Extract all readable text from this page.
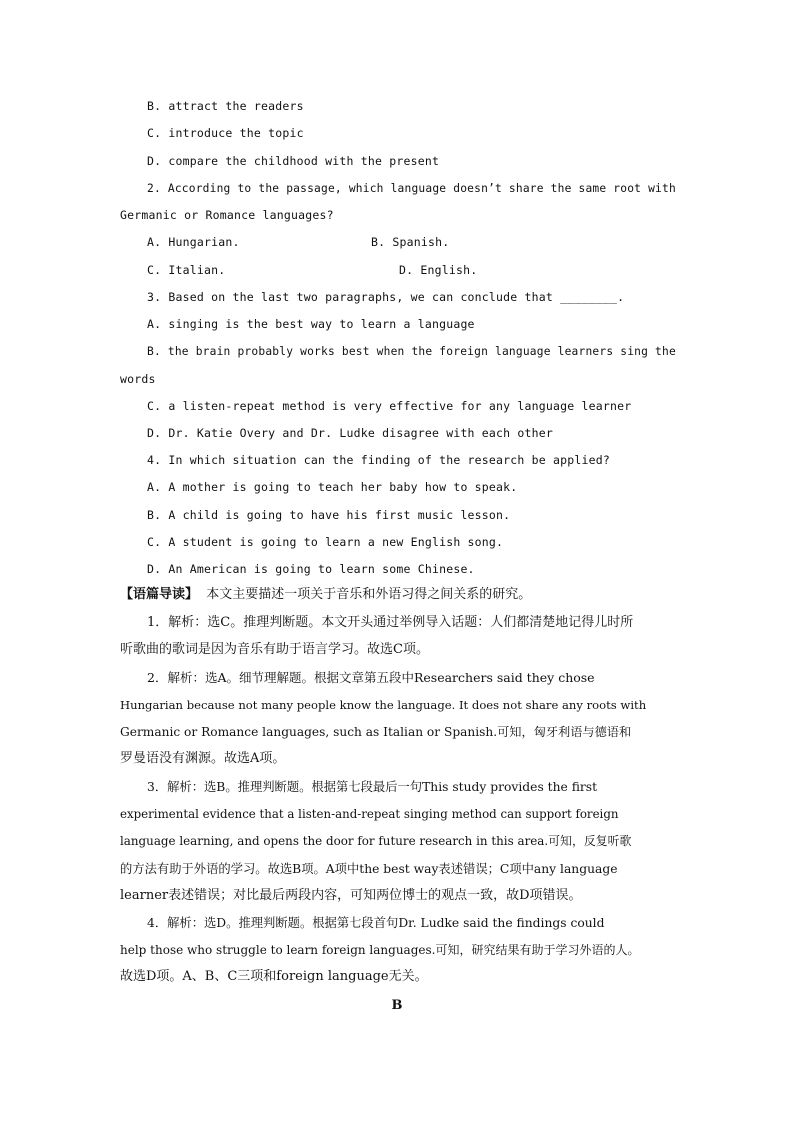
B. attract the readers
C. introduce the topic
D. compare the childhood with the present
2. According to the passage, which language doesn’t share the same root with
Germanic or Romance languages?
A. Hungarian.	B. Spanish.
C. Italian.	D. English.
3. Based on the last two paragraphs, we can conclude that ________.
A. singing is the best way to learn a language
B. the brain probably works best when the foreign language learners sing the
words
C. a listen-repeat method is very effective for any language learner
D. Dr. Katie Overy and Dr. Ludke disagree with each other
4. In which situation can the finding of the research be applied?
A. A mother is going to teach her baby how to speak.
B. A child is going to have his first music lesson.
C. A student is going to learn a new English song.
D. An American is going to learn some Chinese.
【语篇导读】  本文主要描述一项关于音乐和外语习得之间关系的研究。
1．解析：选C。推理判断题。本文开头通过举例导入话题：人们都清楚地记得儿时所
听歌曲的歌词是因为音乐有助于语言学习。故选C项。
2．解析：选A。细节理解题。根据文章第五段中Researchers said they chose
Hungarian because not many people know the language. It does not share any roots with
Germanic or Romance languages, such as Italian or Spanish.可知，匈牙利语与德语和
罗曼语没有渊源。故选A项。
3．解析：选B。推理判断题。根据第七段最后一句This study provides the first
experimental evidence that a listen-and-repeat singing method can support foreign
language learning, and opens the door for future research in this area.可知，反复听歌
的方法有助于外语的学习。故选B项。A项中the best way表述错误；C项中any language
learner表述错误；对比最后两段内容，可知两位博士的观点一致，故D项错误。
4．解析：选D。推理判断题。根据第七段首句Dr. Ludke said the findings could
help those who struggle to learn foreign languages.可知，研究结果有助于学习外语的人。
故选D项。A、B、C三项和foreign language无关。
B
